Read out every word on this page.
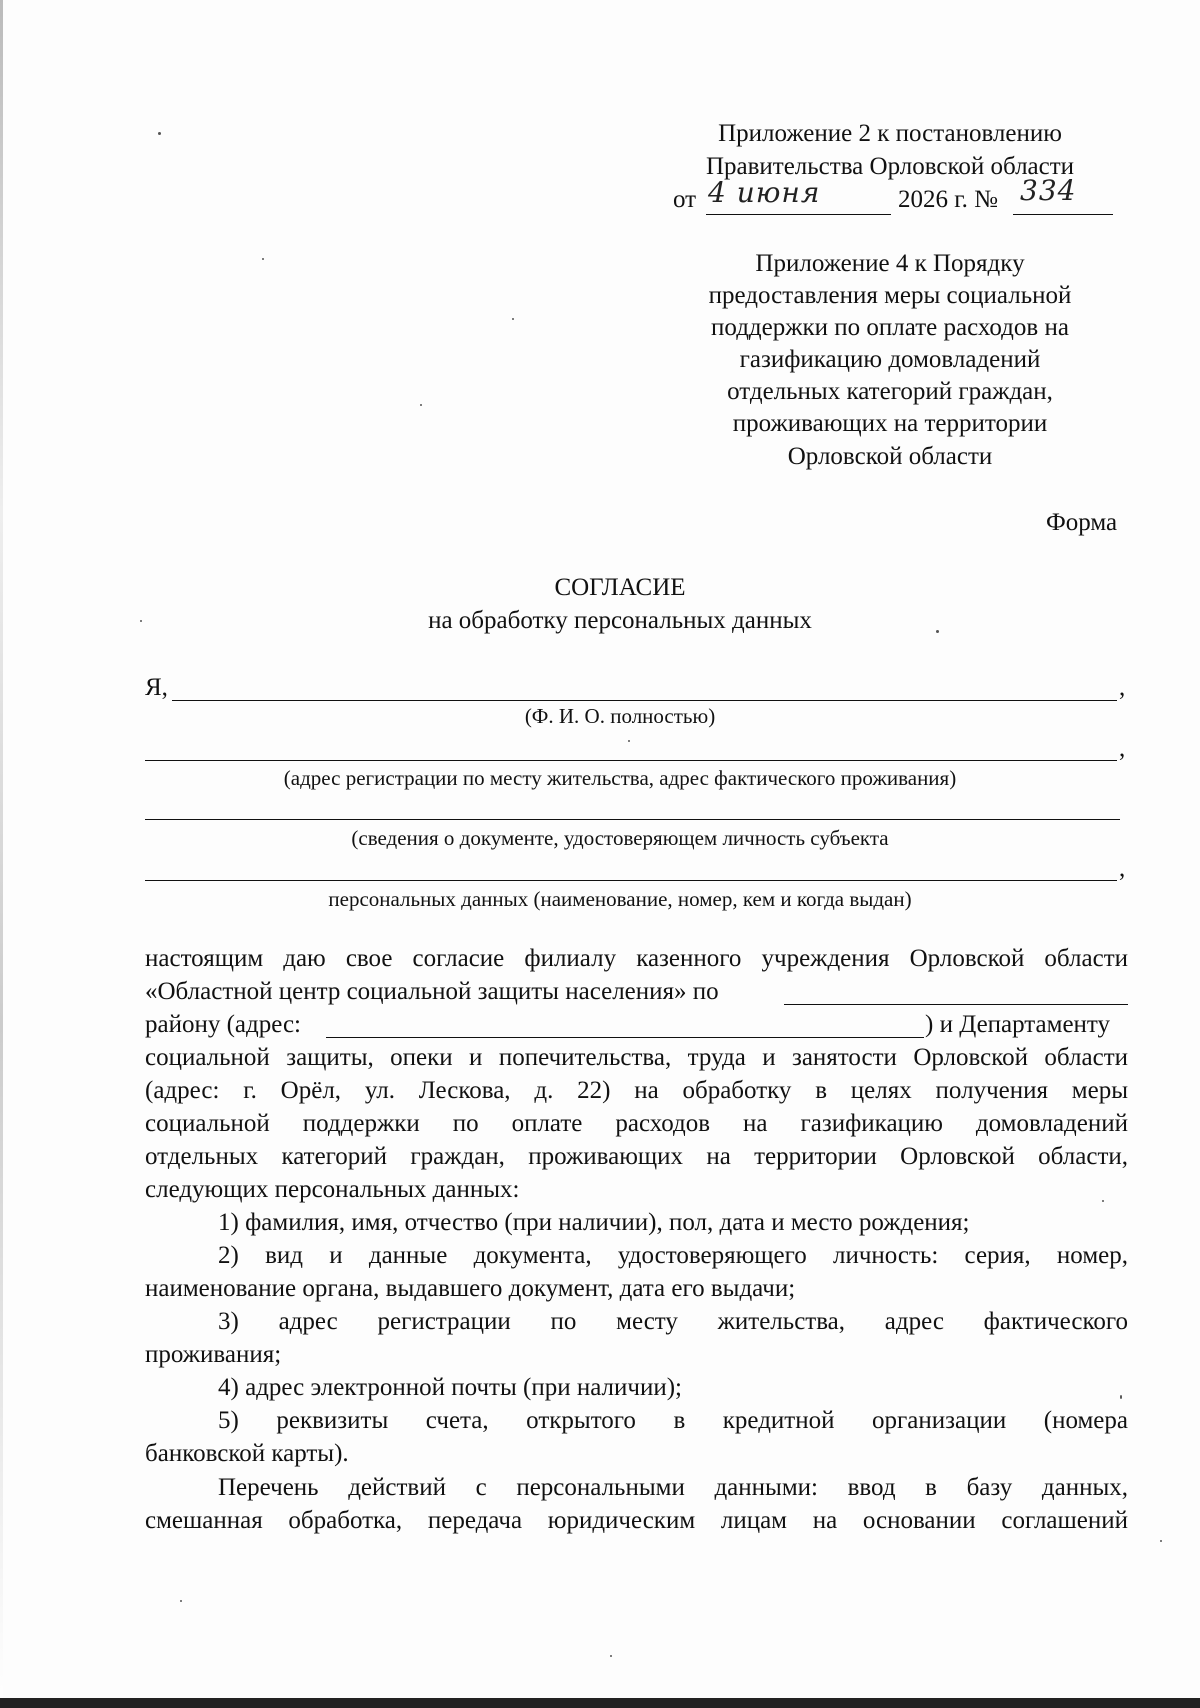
Приложение 2 к постановлению
Правительства Орловской области
от 4 июня	2026 г. № 334
Приложение 4 к Порядку
предоставления меры социальной
поддержки по оплате расходов на
газификацию домовладений
отдельных категорий граждан,
проживающих на территории
Орловской области
Форма
СОГЛАСИЕ
на обработку персональных данных
Я,	,
(Ф. И. О. полностью)
,
(адрес регистрации по месту жительства, адрес фактического проживания)
(сведения о документе, удостоверяющем личность субъекта
,
персональных данных (наименование, номер, кем и когда выдан)
настоящим даю свое согласие филиалу казенного учреждения Орловской области
«Областной центр социальной защиты населения» по
району (адрес:	) и Департаменту
социальной защиты, опеки и попечительства, труда и занятости Орловской области
(адрес: г. Орёл, ул. Лескова, д. 22) на обработку в целях получения меры
социальной поддержки по оплате расходов на газификацию домовладений
отдельных категорий граждан, проживающих на территории Орловской области,
следующих персональных данных:
1) фамилия, имя, отчество (при наличии), пол, дата и место рождения;
2) вид и данные документа, удостоверяющего личность: серия, номер,
наименование органа, выдавшего документ, дата его выдачи;
3) адрес регистрации по месту жительства, адрес фактического
проживания;
4) адрес электронной почты (при наличии);
5) реквизиты счета, открытого в кредитной организации (номера
банковской карты).
Перечень действий с персональными данными: ввод в базу данных,
смешанная обработка, передача юридическим лицам на основании соглашений
